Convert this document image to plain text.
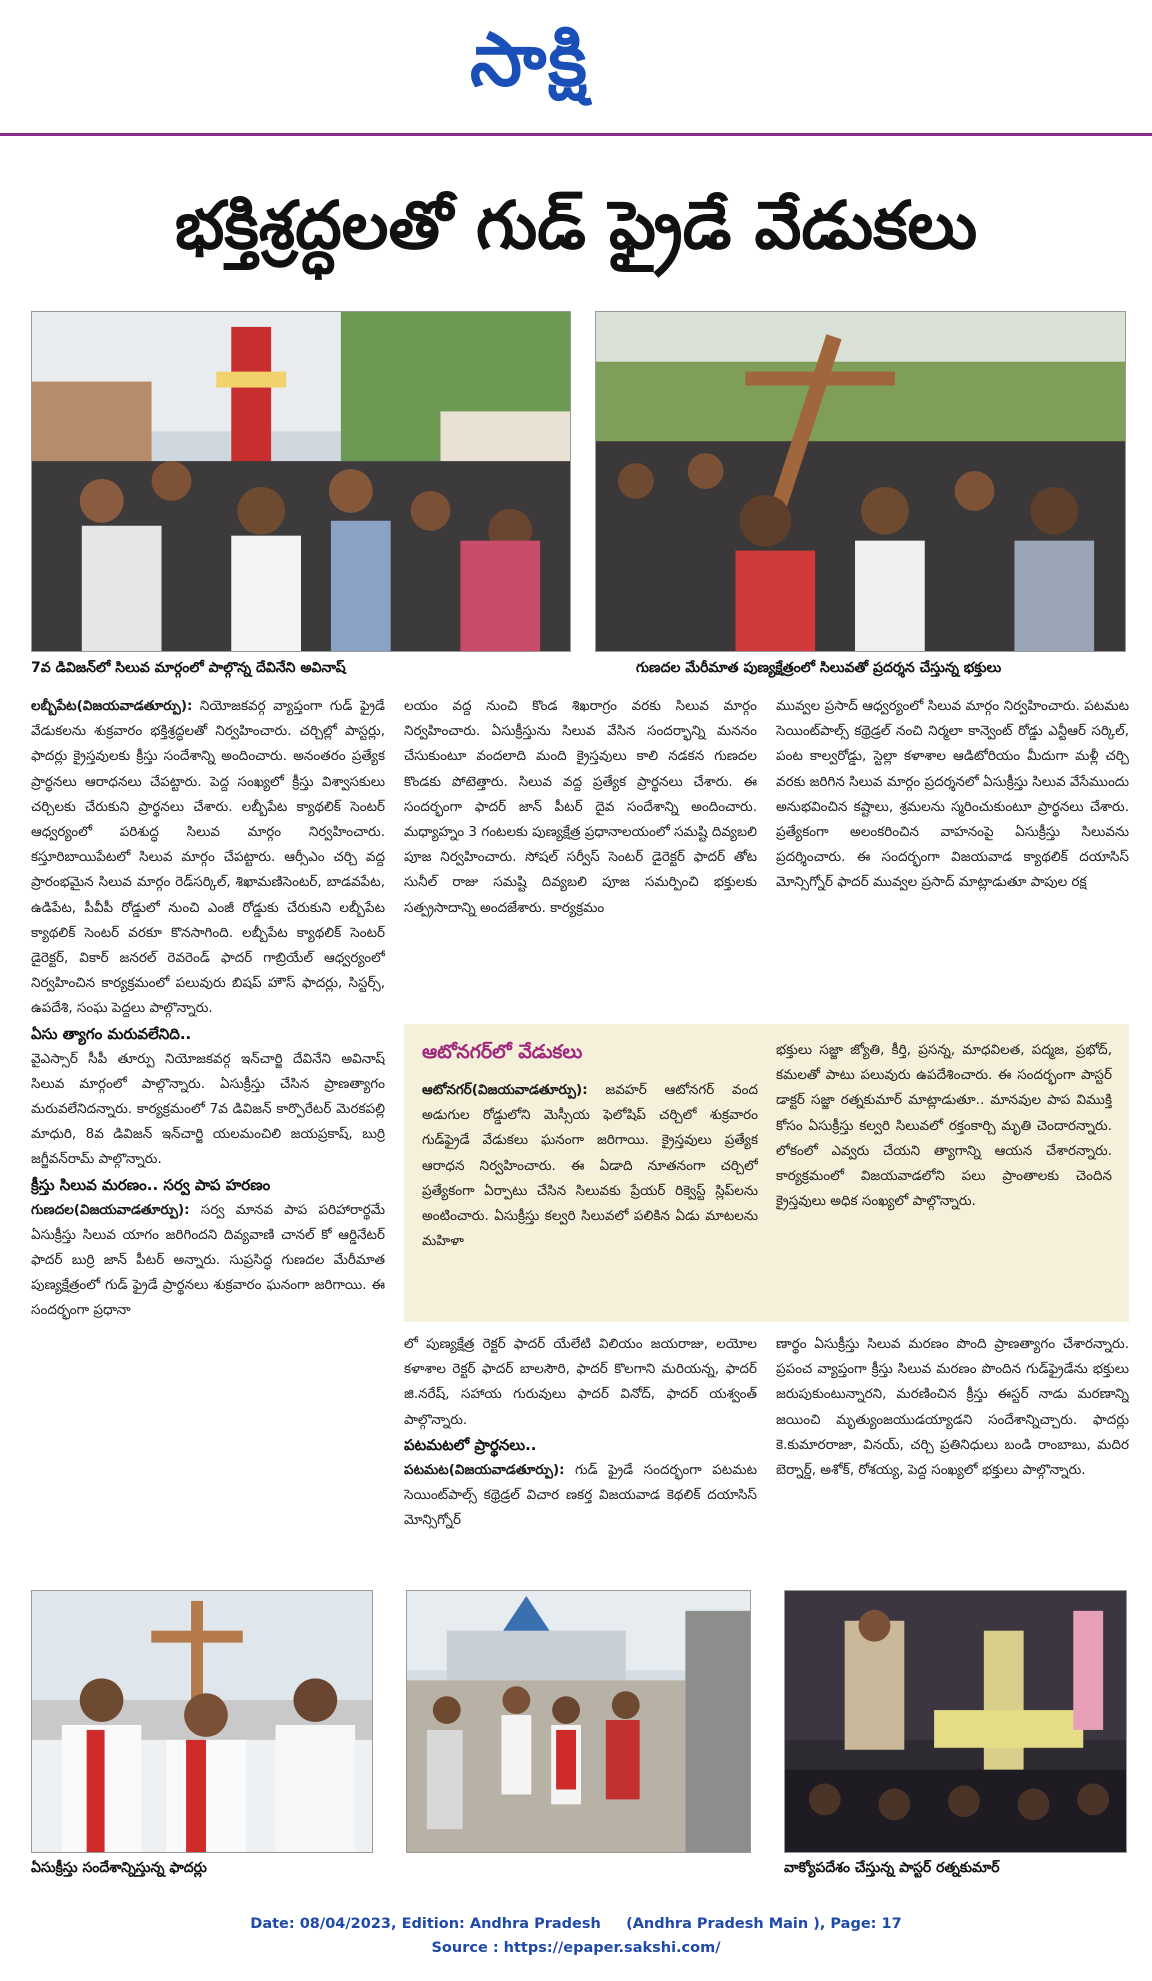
సాక్షి
భక్తిశ్రద్ధలతో గుడ్ ఫ్రైడే వేడుకలు
7వ డివిజన్‌లో సిలువ మార్గంలో పాల్గొన్న దేవినేని అవినాష్	గుణదల మేరీమాత పుణ్యక్షేత్రంలో సిలువతో ప్రదర్శన చేస్తున్న భక్తులు

లబ్బీపేట(విజయవాడతూర్పు): నియోజకవర్గ వ్యాప్తంగా గుడ్ ఫ్రైడే వేడుకలను శుక్రవారం భక్తిశ్రద్ధలతో నిర్వహించారు. చర్చిల్లో పాస్టర్లు, ఫాదర్లు క్రైస్తవులకు క్రీస్తు సందేశాన్ని అందించారు. అనంతరం ప్రత్యేక ప్రార్థనలు ఆరాధనలు చేపట్టారు. పెద్ద సంఖ్యలో క్రీస్తు విశ్వాసకులు చర్చిలకు చేరుకుని ప్రార్థనలు చేశారు. లబ్బీపేట క్యాథలిక్ సెంటర్ ఆధ్వర్యంలో పరిశుద్ధ సిలువ మార్గం నిర్వహించారు. కస్తూరిబాయిపేటలో సిలువ మార్గం చేపట్టారు. ఆర్సీఎం చర్చి వద్ద ప్రారంభమైన సిలువ మార్గం రెడ్‌సర్కిల్, శిఖామణిసెంటర్, బాడవపేట, ఉడిపేట, పీవీపీ రోడ్డులో నుంచి ఎంజీ రోడ్డుకు చేరుకుని లబ్బీపేట క్యాథలిక్ సెంటర్ వరకూ కొనసాగింది. లబ్బీపేట క్యాథలిక్ సెంటర్ డైరెక్టర్, వికార్ జనరల్ రెవరెండ్ ఫాదర్ గాబ్రియేల్ ఆధ్వర్యంలో నిర్వహించిన కార్యక్రమంలో పలువురు బిషప్ హౌస్ ఫాదర్లు, సిస్టర్స్, ఉపదేశి, సంఘ పెద్దలు పాల్గొన్నారు.

ఏసు త్యాగం మరువలేనిది..

వైఎస్సార్ సీపీ తూర్పు నియోజకవర్గ ఇన్‌చార్జి దేవినేని అవినాష్ సిలువ మార్గంలో పాల్గొన్నారు. ఏసుక్రీస్తు చేసిన ప్రాణత్యాగం మరువలేనిదన్నారు. కార్యక్రమంలో 7వ డివిజన్ కార్పొరేటర్ మెరకపల్లి మాధురి, 8వ డివిజన్ ఇన్‌చార్జి యలమంచిలి జయప్రకాష్, బుర్రి జగ్జీవన్‌రామ్ పాల్గొన్నారు.

క్రీస్తు సిలువ మరణం.. సర్వ పాప హరణం

గుణదల(విజయవాడతూర్పు): సర్వ మానవ పాప పరిహారార్థమే ఏసుక్రీస్తు సిలువ యాగం జరిగిందని దివ్యవాణి చానల్ కో ఆర్డినేటర్ ఫాదర్ బుర్రి జాన్ పీటర్ అన్నారు. సుప్రసిద్ధ గుణదల మేరీమాత పుణ్యక్షేత్రంలో గుడ్ ఫ్రైడే ప్రార్థనలు శుక్రవారం ఘనంగా జరిగాయి. ఈ సందర్భంగా ప్రధానా

లయం వద్ద నుంచి కొండ శిఖరాగ్రం వరకు సిలువ మార్గం నిర్వహించారు. ఏసుక్రీస్తును సిలువ వేసిన సందర్భాన్ని మననం చేసుకుంటూ వందలాది మంది క్రైస్తవులు కాలి నడకన గుణదల కొండకు పోటెత్తారు. సిలువ వద్ద ప్రత్యేక ప్రార్థనలు చేశారు. ఈ సందర్భంగా ఫాదర్ జాన్ పీటర్ దైవ సందేశాన్ని అందించారు. మధ్యాహ్నం 3 గంటలకు పుణ్యక్షేత్ర ప్రధానాలయంలో సమష్టి దివ్యబలి పూజ నిర్వహించారు. సోషల్ సర్వీస్ సెంటర్ డైరెక్టర్ ఫాదర్ తోట సునీల్ రాజు సమష్టి దివ్యబలి పూజ సమర్పించి భక్తులకు సత్ప్రసాదాన్ని అందజేశారు. కార్యక్రమం

మువ్వల ప్రసాద్ ఆధ్వర్యంలో సిలువ మార్గం నిర్వహించారు. పటమట సెయింట్‌పాల్స్ కథ్రెడ్రల్ నంచి నిర్మలా కాన్వెంట్ రోడ్డు ఎన్టీఆర్ సర్కిల్, పంట కాల్వరోడ్డు, స్టెల్లా కళాశాల ఆడిటోరియం మీదుగా మళ్లీ చర్చి వరకు జరిగిన సిలువ మార్గం ప్రదర్శనలో ఏసుక్రీస్తు సిలువ వేసేముందు అనుభవించిన కష్టాలు, శ్రమలను స్మరించుకుంటూ ప్రార్థనలు చేశారు. ప్రత్యేకంగా అలంకరించిన వాహనంపై ఏసుక్రీస్తు సిలువను ప్రదర్శించారు. ఈ సందర్భంగా విజయవాడ క్యాథలిక్ దయాసిస్ మోన్సిగ్నోర్ ఫాదర్ మువ్వల ప్రసాద్ మాట్లాడుతూ పాపుల రక్ష

ఆటోనగర్‌లో వేడుకలు

ఆటోనగర్(విజయవాడతూర్పు): జవహర్ ఆటోనగర్ వంద అడుగుల రోడ్డులోని మెస్సీయ ఫెలోషిప్ చర్చిలో శుక్రవారం గుడ్‌ఫ్రైడే వేడుకలు ఘనంగా జరిగాయి. క్రైస్తవులు ప్రత్యేక ఆరాధన నిర్వహించారు. ఈ ఏడాది నూతనంగా చర్చిలో ప్రత్యేకంగా ఏర్పాటు చేసిన సిలువకు ప్రేయర్ రిక్వెస్ట్ స్లిప్‌లను అంటించారు. ఏసుక్రీస్తు కల్వరి సిలువలో పలికిన ఏడు మాటలను మహిళా

భక్తులు సజ్జా జ్యోతి, కీర్తి, ప్రసన్న, మాధవిలత, పద్మజ, ప్రభోద్, కమలతో పాటు పలువురు ఉపదేశించారు. ఈ సందర్భంగా పాస్టర్ డాక్టర్ సజ్జా రత్నకుమార్ మాట్లాడుతూ.. మానవుల పాప విముక్తి కోసం ఏసుక్రీస్తు కల్వరి సిలువలో రక్తంకార్చి మృతి చెందారన్నారు. లోకంలో ఎవ్వరు చేయని త్యాగాన్ని ఆయన చేశారన్నారు. కార్యక్రమంలో విజయవాడలోని పలు ప్రాంతాలకు చెందిన క్రైస్తవులు అధిక సంఖ్యలో పాల్గొన్నారు.

లో పుణ్యక్షేత్ర రెక్టర్ ఫాదర్ యేలేటి విలియం జయరాజు, లయోల కళాశాల రెక్టర్ ఫాదర్ బాలసౌరి, ఫాదర్ కొలగాని మరియన్న, ఫాదర్ జి.నరేష్, సహాయ గురువులు ఫాదర్ వినోద్, ఫాదర్ యశ్వంత్ పాల్గొన్నారు.

పటమటలో ప్రార్థనలు..

పటమట(విజయవాడతూర్పు): గుడ్ ఫ్రైడే సందర్భంగా పటమట సెయింట్‌పాల్స్ కథ్రెడ్రల్ విచార ణకర్త విజయవాడ కెథలిక్ దయాసిస్ మోన్సిగ్నోర్

ణార్థం ఏసుక్రీస్తు సిలువ మరణం పొంది ప్రాణత్యాగం చేశారన్నారు. ప్రపంచ వ్యాప్తంగా క్రీస్తు సిలువ మరణం పొందిన గుడ్‌ఫ్రైడేను భక్తులు జరుపుకుంటున్నారని, మరణించిన క్రీస్తు ఈస్టర్ నాడు మరణాన్ని జయించి మృత్యుంజయుడయ్యాడని సందేశాన్నిచ్చారు. ఫాదర్లు కె.కుమారరాజా, వినయ్, చర్చి ప్రతినిధులు బండి రాంబాబు, మదిర బెర్నార్డ్, అశోక్, రోశయ్య, పెద్ద సంఖ్యలో భక్తులు పాల్గొన్నారు.

ఏసుక్రీస్తు సందేశాన్నిస్తున్న ఫాదర్లు	వాక్యోపదేశం చేస్తున్న పాస్టర్ రత్నకుమార్
Date: 08/04/2023, Edition: Andhra Pradesh     (Andhra Pradesh Main ), Page: 17
Source : https://epaper.sakshi.com/
